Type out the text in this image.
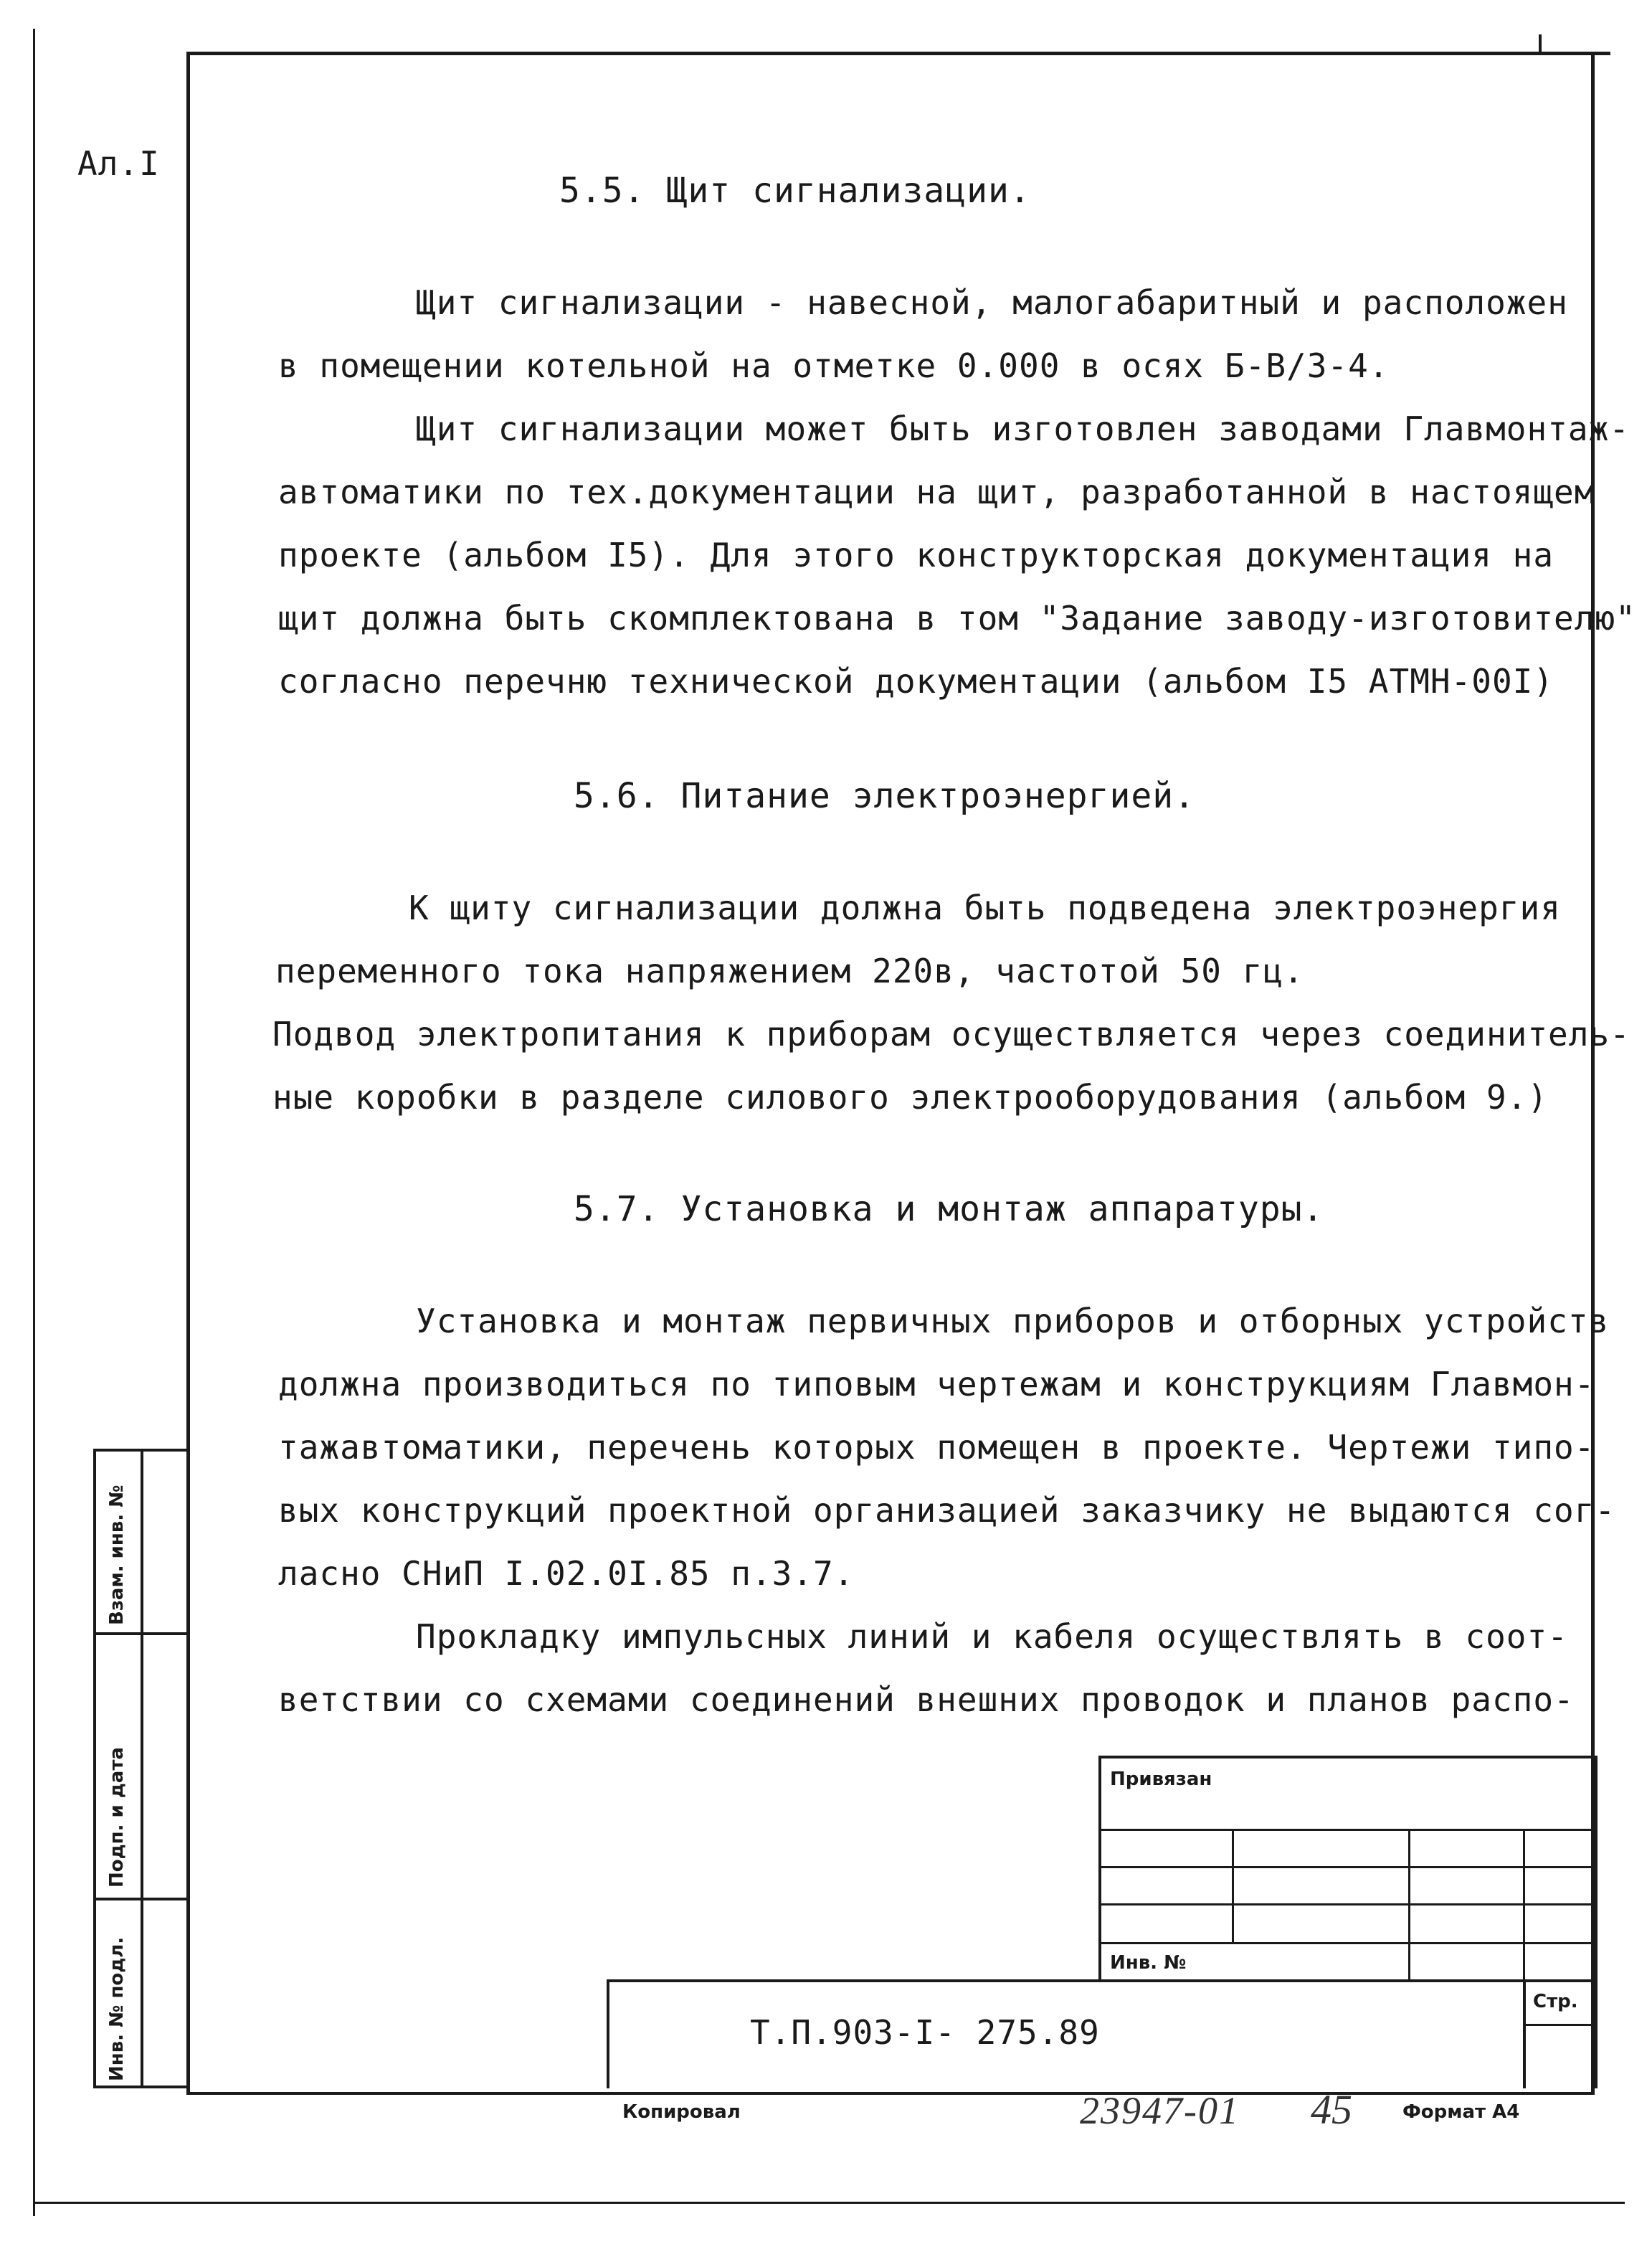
Ал.I
5.5. Щит сигнализации.
Щит сигнализации - навесной, малогабаритный и расположен
в помещении котельной на отметке 0.000 в осях Б-В/3-4.
Щит сигнализации может быть изготовлен заводами Главмонтаж-
автоматики по тех.документации на щит, разработанной в настоящем
проекте (альбом I5). Для этого конструкторская документация на
щит должна быть скомплектована в том "Задание заводу-изготовителю"
согласно перечню технической документации (альбом I5 АТМН-00I)
5.6. Питание электроэнергией.
К щиту сигнализации должна быть подведена электроэнергия
переменного тока напряжением 220в, частотой 50 гц.
Подвод электропитания к приборам осуществляется через соединитель-
ные коробки в разделе силового электрооборудования (альбом 9.)
5.7. Установка и монтаж аппаратуры.
Установка и монтаж первичных приборов и отборных устройств
должна производиться по типовым чертежам и конструкциям Главмон-
тажавтоматики, перечень которых помещен в проекте. Чертежи типо-
вых конструкций проектной организацией заказчику не выдаются сог-
ласно СНиП I.02.0I.85 п.3.7.
Прокладку импульсных линий и кабеля осуществлять в соот-
ветствии со схемами соединений внешних проводок и планов распо-
Взам. инв. №
Подп. и дата
Инв. № подл.
Привязан
Инв. №
Т.П.903-I- 275.89
Стр.
Копировал	23947-01 45	Формат А4
